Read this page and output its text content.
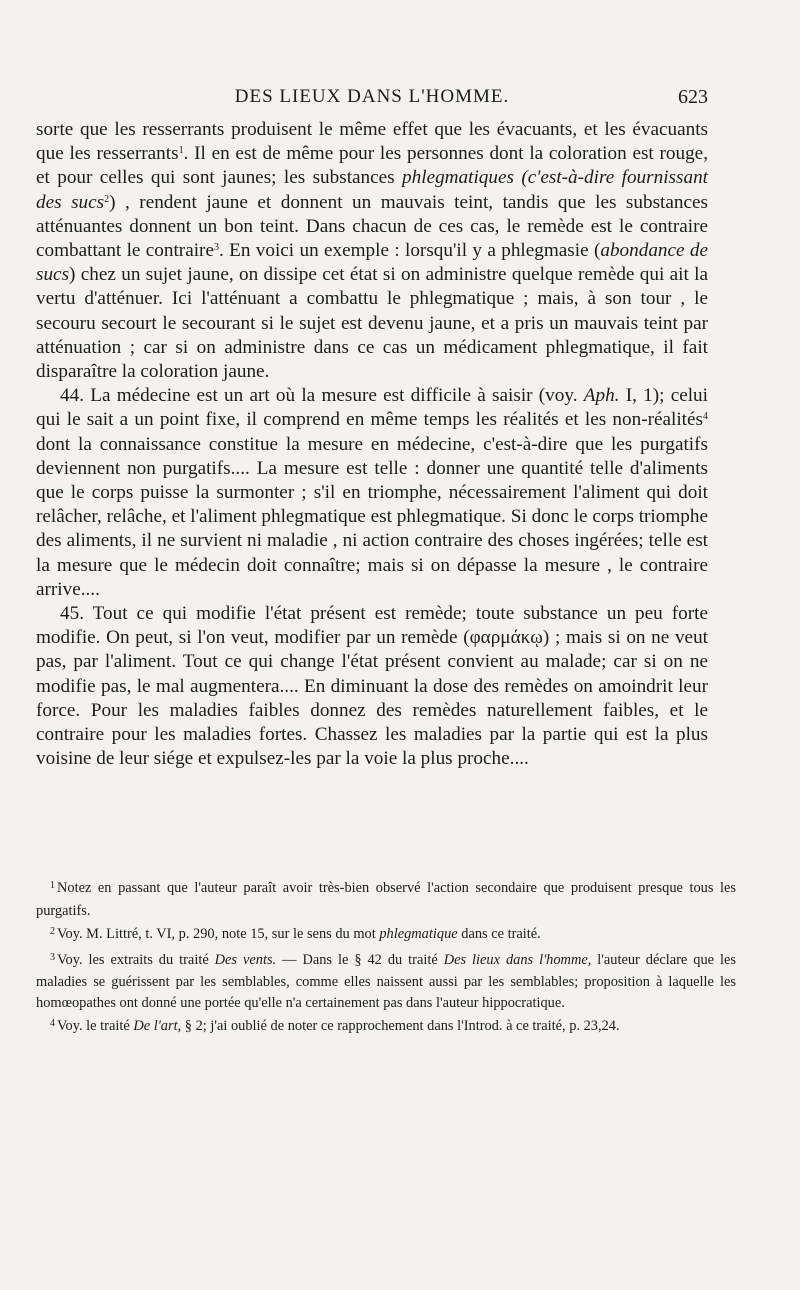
DES LIEUX DANS L'HOMME.	623

sorte que les resserrants produisent le même effet que les évacuants, et les évacuants que les resserrants$^1$. Il en est de même pour les personnes dont la coloration est rouge, et pour celles qui sont jaunes; les substances phlegmatiques (c'est-à-dire fournissant des sucs$^2$) , rendent jaune et donnent un mauvais teint, tandis que les substances atténuantes donnent un bon teint. Dans chacun de ces cas, le remède est le contraire combattant le contraire$^3$. En voici un exemple : lorsqu'il y a phlegmasie (abondance de sucs) chez un sujet jaune, on dissipe cet état si on administre quelque remède qui ait la vertu d'atténuer. Ici l'atténuant a combattu le phlegmatique ; mais, à son tour , le secouru secourt le secourant si le sujet est devenu jaune, et a pris un mauvais teint par atténuation ; car si on administre dans ce cas un médicament phlegmatique, il fait disparaître la coloration jaune.

44. La médecine est un art où la mesure est difficile à saisir (voy. Aph. I, 1); celui qui le sait a un point fixe, il comprend en même temps les réalités et les non-réalités$^4$ dont la connaissance constitue la mesure en médecine, c'est-à-dire que les purgatifs deviennent non purgatifs.... La mesure est telle : donner une quantité telle d'aliments que le corps puisse la surmonter ; s'il en triomphe, nécessairement l'aliment qui doit relâcher, relâche, et l'aliment phlegmatique est phlegmatique. Si donc le corps triomphe des aliments, il ne survient ni maladie , ni action contraire des choses ingérées; telle est la mesure que le médecin doit connaître; mais si on dépasse la mesure , le contraire arrive....

45. Tout ce qui modifie l'état présent est remède; toute substance un peu forte modifie. On peut, si l'on veut, modifier par un remède (φαρμάκῳ) ; mais si on ne veut pas, par l'aliment. Tout ce qui change l'état présent convient au malade; car si on ne modifie pas, le mal augmentera.... En diminuant la dose des remèdes on amoindrit leur force. Pour les maladies faibles donnez des remèdes naturellement faibles, et le contraire pour les maladies fortes. Chassez les maladies par la partie qui est la plus voisine de leur siége et expulsez-les par la voie la plus proche....

$^1$ Notez en passant que l'auteur paraît avoir très-bien observé l'action secondaire que produisent presque tous les purgatifs.

$^2$ Voy. M. Littré, t. VI, p. 290, note 15, sur le sens du mot phlegmatique dans ce traité.

$^3$ Voy. les extraits du traité Des vents. — Dans le § 42 du traité Des lieux dans l'homme, l'auteur déclare que les maladies se guérissent par les semblables, comme elles naissent aussi par les semblables; proposition à laquelle les homœopathes ont donné une portée qu'elle n'a certainement pas dans l'auteur hippocratique.

$^4$ Voy. le traité De l'art, § 2; j'ai oublié de noter ce rapprochement dans l'Introd. à ce traité, p. 23,24.
